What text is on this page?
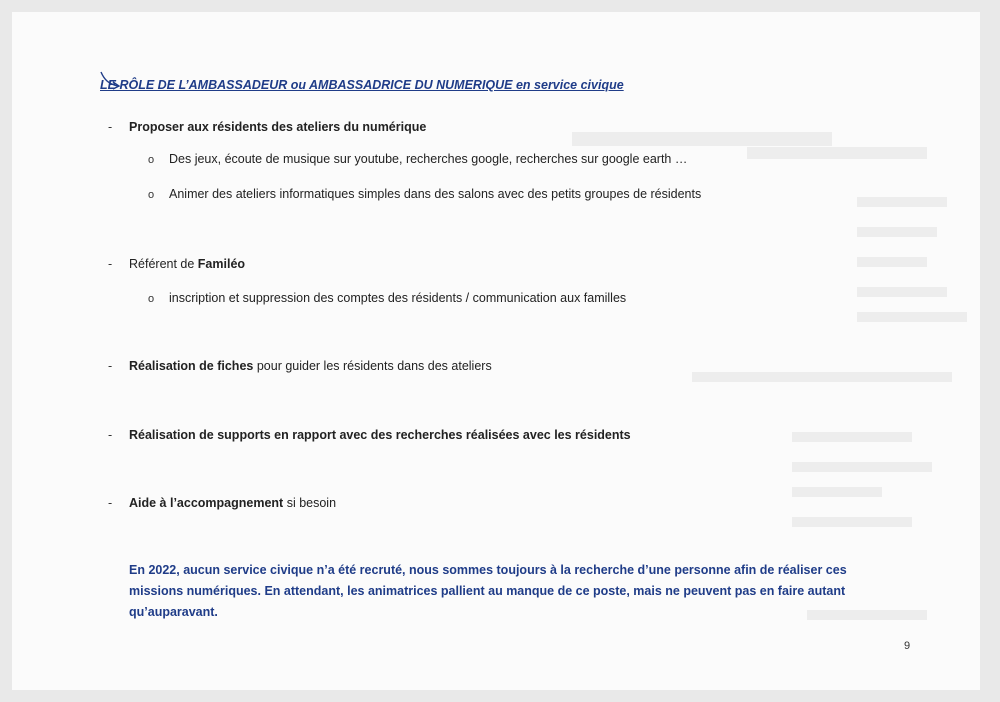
LE RÔLE DE L’AMBASSADEUR ou AMBASSADRICE DU NUMERIQUE en service civique
- Proposer aux résidents des ateliers du numérique
o Des jeux, écoute de musique sur youtube, recherches google, recherches sur google earth …
o Animer des ateliers informatiques simples dans des salons avec des petits groupes de résidents
- Référent de Familéo
o inscription et suppression des comptes des résidents / communication aux familles
- Réalisation de fiches pour guider les résidents dans des ateliers
- Réalisation de supports en rapport avec des recherches réalisées avec les résidents
- Aide à l’accompagnement si besoin
En 2022, aucun service civique n’a été recruté, nous sommes toujours à la recherche d’une personne afin de réaliser ces missions numériques. En attendant, les animatrices pallient au manque de ce poste, mais ne peuvent pas en faire autant qu’auparavant.
9
